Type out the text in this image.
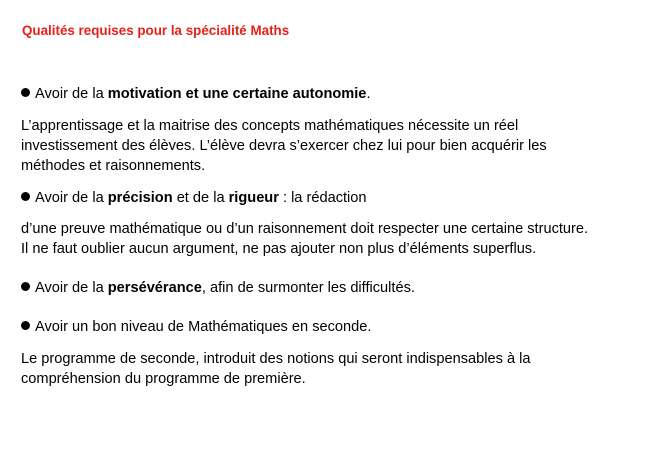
Qualités requises pour la spécialité Maths
Avoir de la motivation et une certaine autonomie.
L’apprentissage et la maitrise des concepts mathématiques nécessite un réel
investissement des élèves. L’élève devra s’exercer chez lui pour bien acquérir les
méthodes et raisonnements.
Avoir de la précision et de la rigueur : la rédaction
d’une preuve mathématique ou d’un raisonnement doit respecter une certaine structure.
Il ne faut oublier aucun argument, ne pas ajouter non plus d’éléments superflus.
Avoir de la persévérance, afin de surmonter les difficultés.
Avoir un bon niveau de Mathématiques en seconde.
Le programme de seconde, introduit des notions qui seront indispensables à la
compréhension du programme de première.
